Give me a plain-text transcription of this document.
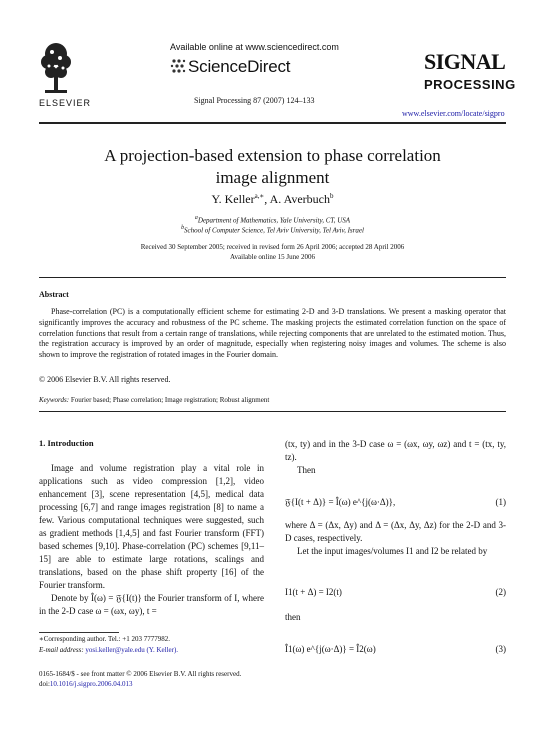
ELSEVIER
Available online at www.sciencedirect.com
ScienceDirect
Signal Processing 87 (2007) 124–133
SIGNAL
PROCESSING
www.elsevier.com/locate/sigpro
A projection-based extension to phase correlation
image alignment
Y. Keller$^{a,∗}$, A. Averbuch$^b$
$^a$Department of Mathematics, Yale University, CT, USA
$^b$School of Computer Science, Tel Aviv University, Tel Aviv, Israel
Received 30 September 2005; received in revised form 26 April 2006; accepted 28 April 2006
Available online 15 June 2006
Abstract
Phase-correlation (PC) is a computationally efficient scheme for estimating 2-D and 3-D translations. We present a masking operator that significantly improves the accuracy and robustness of the PC scheme. The masking projects the estimated correlation function on the space of correlation functions that result from a certain range of translations, while rejecting components that are unrelated to the estimated motion. Thus, the registration accuracy is improved by an order of magnitude, especially when registering noisy images and volumes. The scheme is also shown to improve the registration of rotated images in the Fourier domain.
© 2006 Elsevier B.V. All rights reserved.
Keywords: Fourier based; Phase correlation; Image registration; Robust alignment
1. Introduction

Image and volume registration play a vital role in applications such as video compression [1,2], video enhancement [3], scene representation [4,5], medical data processing [6,7] and range images registration [8] to name a few. Various computational techniques were suggested, such as gradient methods [1,4,5] and fast Fourier transform (FFT) based schemes [9,10]. Phase-correlation (PC) schemes [9,11–15] are able to estimate large rotations, scalings and translations, based on the phase shift property [16] of the Fourier transform.

Denote by Î(ω) = 𝔉{I(t)} the Fourier transform of I, where in the 2-D case ω = (ωx, ωy), t =

(tx, ty) and in the 3-D case ω = (ωx, ωy, ωz) and t = (tx, ty, tz).
Then
𝔉{I(t + Δ)} = Î(ω) e^{j(ω·Δ)},	(1)
where Δ = (Δx, Δy) and Δ = (Δx, Δy, Δz) for the 2-D and 3-D cases, respectively.
Let the input images/volumes I1 and I2 be related by
I1(t + Δ) = I2(t)	(2)
then
Î1(ω) e^{j(ω·Δ)} = Î2(ω)	(3)
∗Corresponding author. Tel.: +1 203 7777982.
E-mail address: yosi.keller@yale.edu (Y. Keller).
0165-1684/$ - see front matter © 2006 Elsevier B.V. All rights reserved.
doi:10.1016/j.sigpro.2006.04.013
